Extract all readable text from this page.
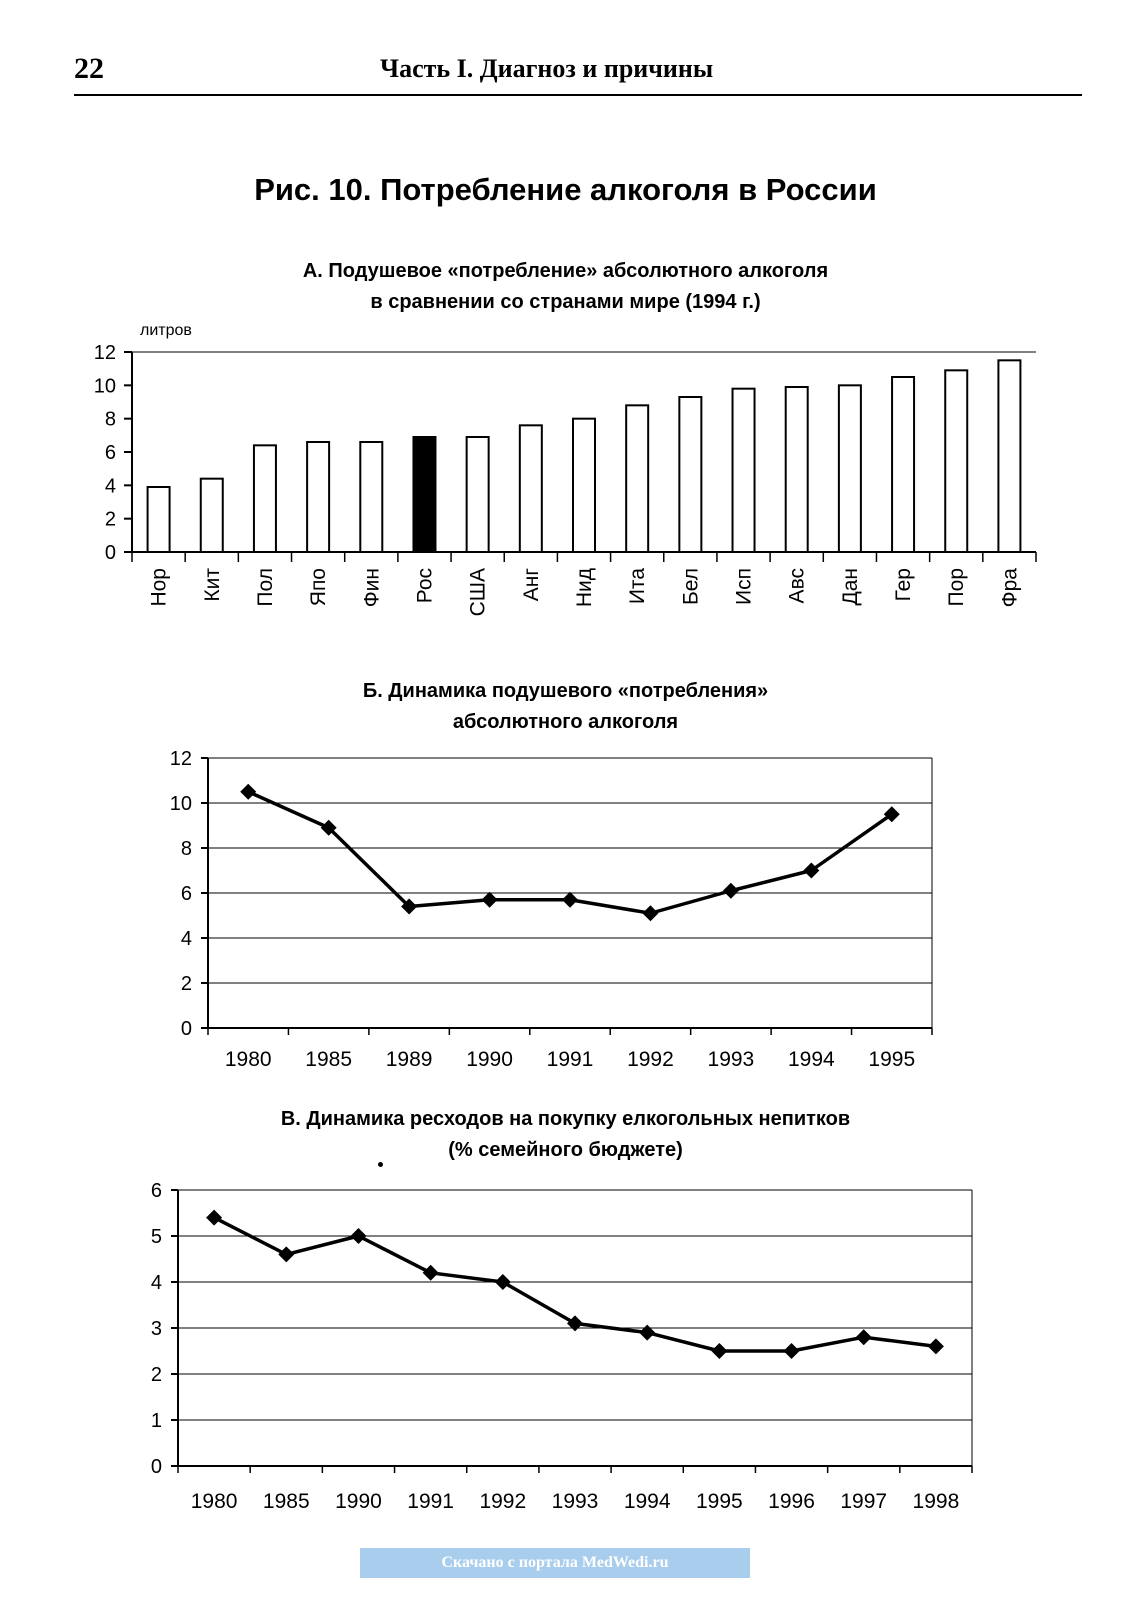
22	Часть I. Диагноз и причины
Рис. 10. Потребление алкоголя в России
А. Подушевое «потребление» абсолютного алкоголя
в сравнении со странами мире (1994 г.)
литров
0
2
4
6
8
10
12
Нор Кит Пол Япо Фин Рос США Анг Нид Ита Бел Исп Авс Дан Гер Пор Фра
Б. Динамика подушевого «потребления»
абсолютного алкоголя
0
2
4
6
8
10
12
1980 1985 1989 1990 1991 1992 1993 1994 1995
В. Динамика ресходов на покупку елкогольных непитков
(% семейного бюджете)
0
1
2
3
4
5
6
1980 1985 1990 1991 1992 1993 1994 1995 1996 1997 1998
Скачано с портала MedWedi.ru
